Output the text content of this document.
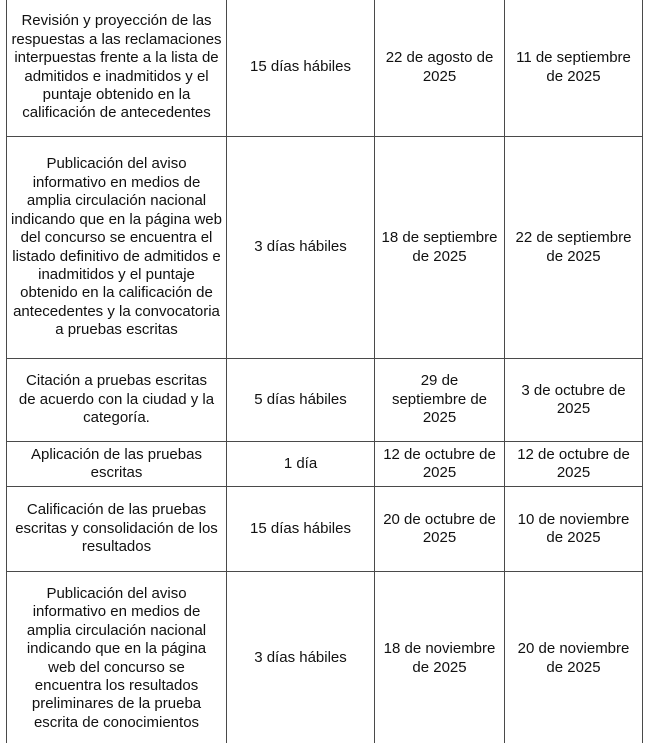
Revisión y proyección de las respuestas a las reclamaciones interpuestas frente a la lista de admitidos e inadmitidos y el puntaje obtenido en la calificación de antecedentes	15 días hábiles	22 de agosto de 2025	11 de septiembre de 2025

Publicación del aviso informativo en medios de amplia circulación nacional indicando que en la página web del concurso se encuentra el listado definitivo de admitidos e inadmitidos y el puntaje obtenido en la calificación de antecedentes y la convocatoria a pruebas escritas	3 días hábiles	18 de septiembre de 2025	22 de septiembre de 2025

Citación a pruebas escritas de acuerdo con la ciudad y la categoría.	5 días hábiles	29 de septiembre de 2025	3 de octubre de 2025

Aplicación de las pruebas escritas	1 día	12 de octubre de 2025	12 de octubre de 2025

Calificación de las pruebas escritas y consolidación de los resultados	15 días hábiles	20 de octubre de 2025	10 de noviembre de 2025

Publicación del aviso informativo en medios de amplia circulación nacional indicando que en la página web del concurso se encuentra los resultados preliminares de la prueba escrita de conocimientos	3 días hábiles	18 de noviembre de 2025	20 de noviembre de 2025
